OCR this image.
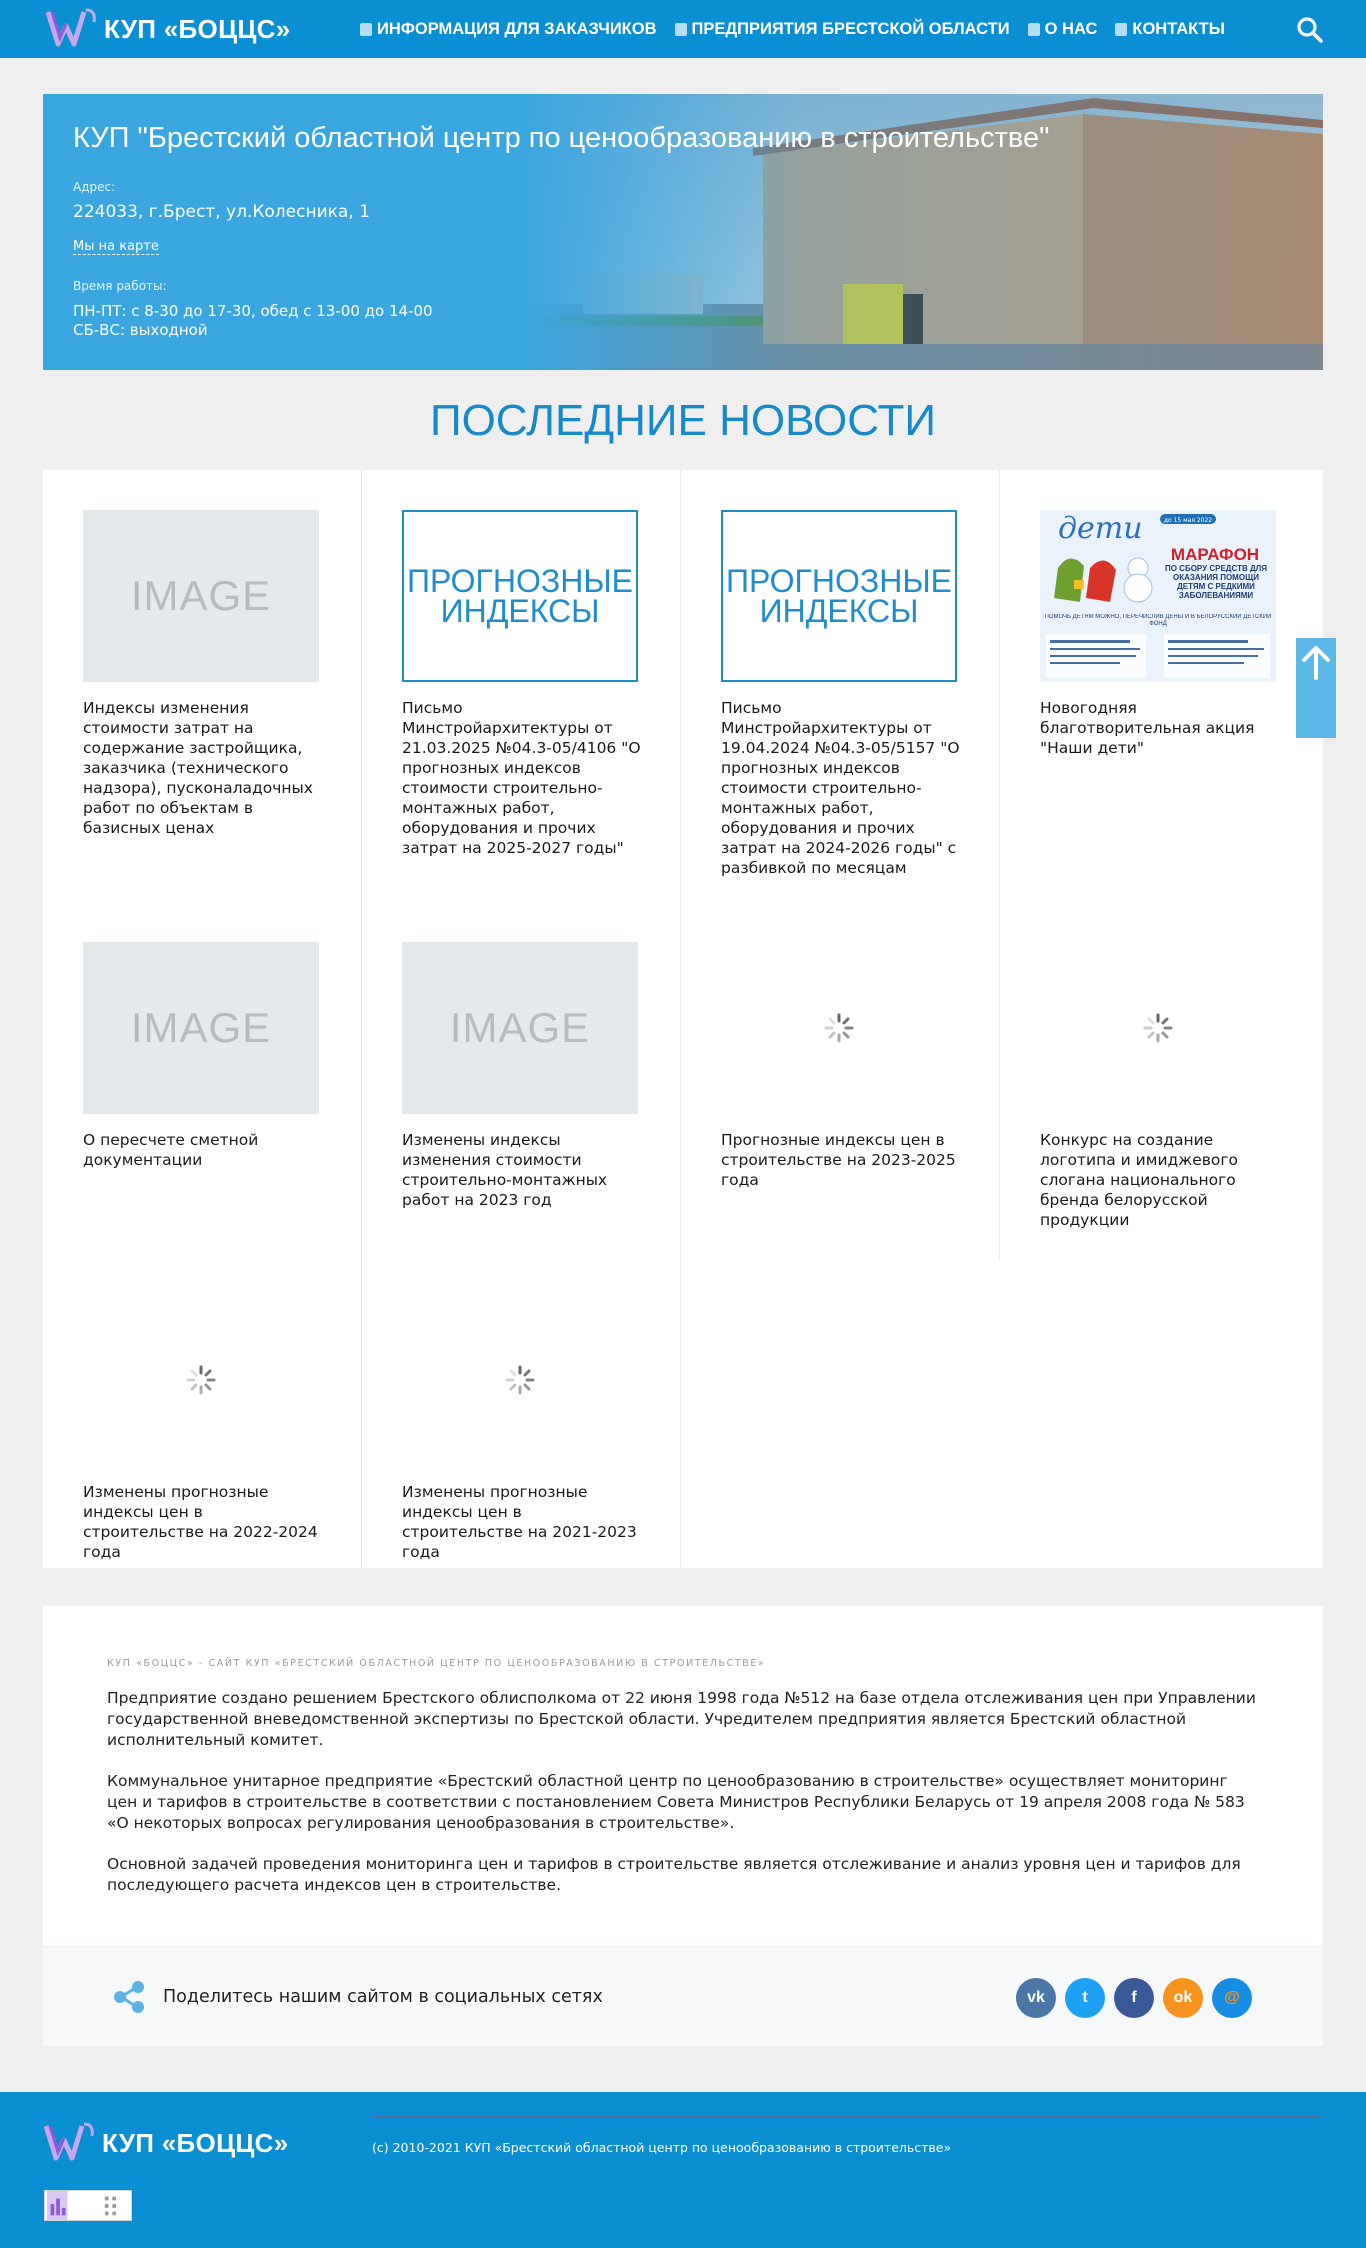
КУП «БОЦЦС»	ИНФОРМАЦИЯ ДЛЯ ЗАКАЗЧИКОВ ПРЕДПРИЯТИЯ БРЕСТСКОЙ ОБЛАСТИ О НАС КОНТАКТЫ
КУП "Брестский областной центр по ценообразованию в строительстве"
Адрес:
224033, г.Брест, ул.Колесника, 1
Мы на карте
Время работы:
ПН-ПТ: с 8-30 до 17-30, обед с 13-00 до 14-00
СБ-ВС: выходной
ПОСЛЕДНИЕ НОВОСТИ
IMAGE
Индексы изменения стоимости затрат на содержание застройщика, заказчика (технического надзора), пусконаладочных работ по объектам в базисных ценах
ПРОГНОЗНЫЕ
ИНДЕКСЫ
Письмо Минстройархитектуры от 21.03.2025 №04.3-05/4106 "О прогнозных индексов стоимости строительно-монтажных работ, оборудования и прочих затрат на 2025-2027 годы"
ПРОГНОЗНЫЕ
ИНДЕКСЫ
Письмо Минстройархитектуры от 19.04.2024 №04.3-05/5157 "О прогнозных индексов стоимости строительно-монтажных работ, оборудования и прочих затрат на 2024-2026 годы" с разбивкой по месяцам
дети	до 15 мая 2022
МАРАФОН
ПО СБОРУ СРЕДСТВ ДЛЯ ОКАЗАНИЯ ПОМОЩИ ДЕТЯМ С РЕДКИМИ ЗАБОЛЕВАНИЯМИ
ПОМОЧЬ ДЕТЯМ МОЖНО, ПЕРЕЧИСЛИВ ДЕНЬГИ В БЕЛОРУССКИЙ ДЕТСКИЙ ФОНД
Новогодняя благотворительная акция "Наши дети"
IMAGE
О пересчете сметной документации
IMAGE
Изменены индексы изменения стоимости строительно-монтажных работ на 2023 год
Прогнозные индексы цен в строительстве на 2023-2025 года
Конкурс на создание логотипа и имиджевого слогана национального бренда белорусской продукции
Изменены прогнозные индексы цен в строительстве на 2022-2024 года
Изменены прогнозные индексы цен в строительстве на 2021-2023 года
КУП «БОЦЦС» - САЙТ КУП «БРЕСТСКИЙ ОБЛАСТНОЙ ЦЕНТР ПО ЦЕНООБРАЗОВАНИЮ В СТРОИТЕЛЬСТВЕ»
Предприятие создано решением Брестского облисполкома от 22 июня 1998 года №512 на базе отдела отслеживания цен при Управлении государственной вневедомственной экспертизы по Брестской области. Учредителем предприятия является Брестский областной исполнительный комитет.
Коммунальное унитарное предприятие «Брестский областной центр по ценообразованию в строительстве» осуществляет мониторинг цен и тарифов в строительстве в соответствии с постановлением Совета Министров Республики Беларусь от 19 апреля 2008 года № 583 «О некоторых вопросах регулирования ценообразования в строительстве».
Основной задачей проведения мониторинга цен и тарифов в строительстве является отслеживание и анализ уровня цен и тарифов для последующего расчета индексов цен в строительстве.
Поделитесь нашим сайтом в социальных сетях	vk	t	f	ok	@
КУП «БОЦЦС»	(c) 2010-2021 КУП «Брестский областной центр по ценообразованию в строительстве»
